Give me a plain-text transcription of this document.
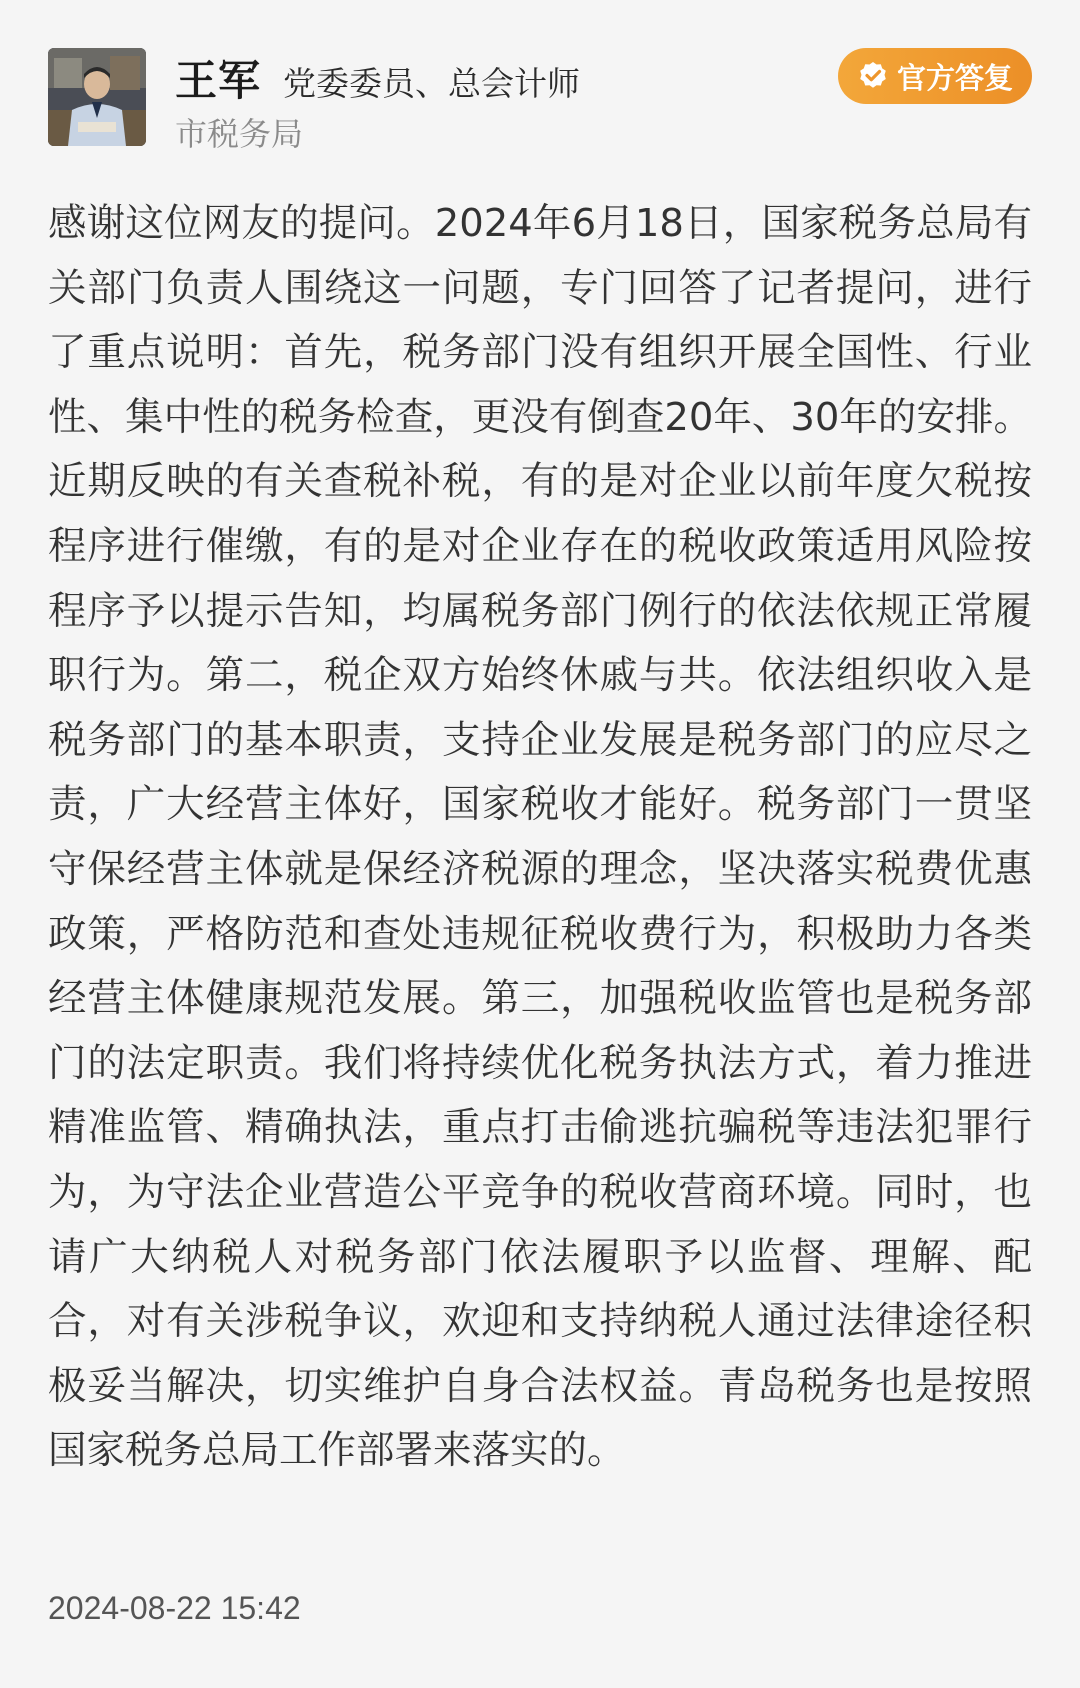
王军 党委委员、总会计师
市税务局
官方答复
感谢这位网友的提问。2024年6月18日，国家税务总局有关部门负责人围绕这一问题，专门回答了记者提问，进行了重点说明：首先，税务部门没有组织开展全国性、行业性、集中性的税务检查，更没有倒查20年、30年的安排。近期反映的有关查税补税，有的是对企业以前年度欠税按程序进行催缴，有的是对企业存在的税收政策适用风险按程序予以提示告知，均属税务部门例行的依法依规正常履职行为。第二，税企双方始终休戚与共。依法组织收入是税务部门的基本职责，支持企业发展是税务部门的应尽之责，广大经营主体好，国家税收才能好。税务部门一贯坚守保经营主体就是保经济税源的理念，坚决落实税费优惠政策，严格防范和查处违规征税收费行为，积极助力各类经营主体健康规范发展。第三，加强税收监管也是税务部门的法定职责。我们将持续优化税务执法方式，着力推进精准监管、精确执法，重点打击偷逃抗骗税等违法犯罪行为，为守法企业营造公平竞争的税收营商环境。同时，也请广大纳税人对税务部门依法履职予以监督、理解、配合，对有关涉税争议，欢迎和支持纳税人通过法律途径积极妥当解决，切实维护自身合法权益。青岛税务也是按照国家税务总局工作部署来落实的。
2024-08-22 15:42
